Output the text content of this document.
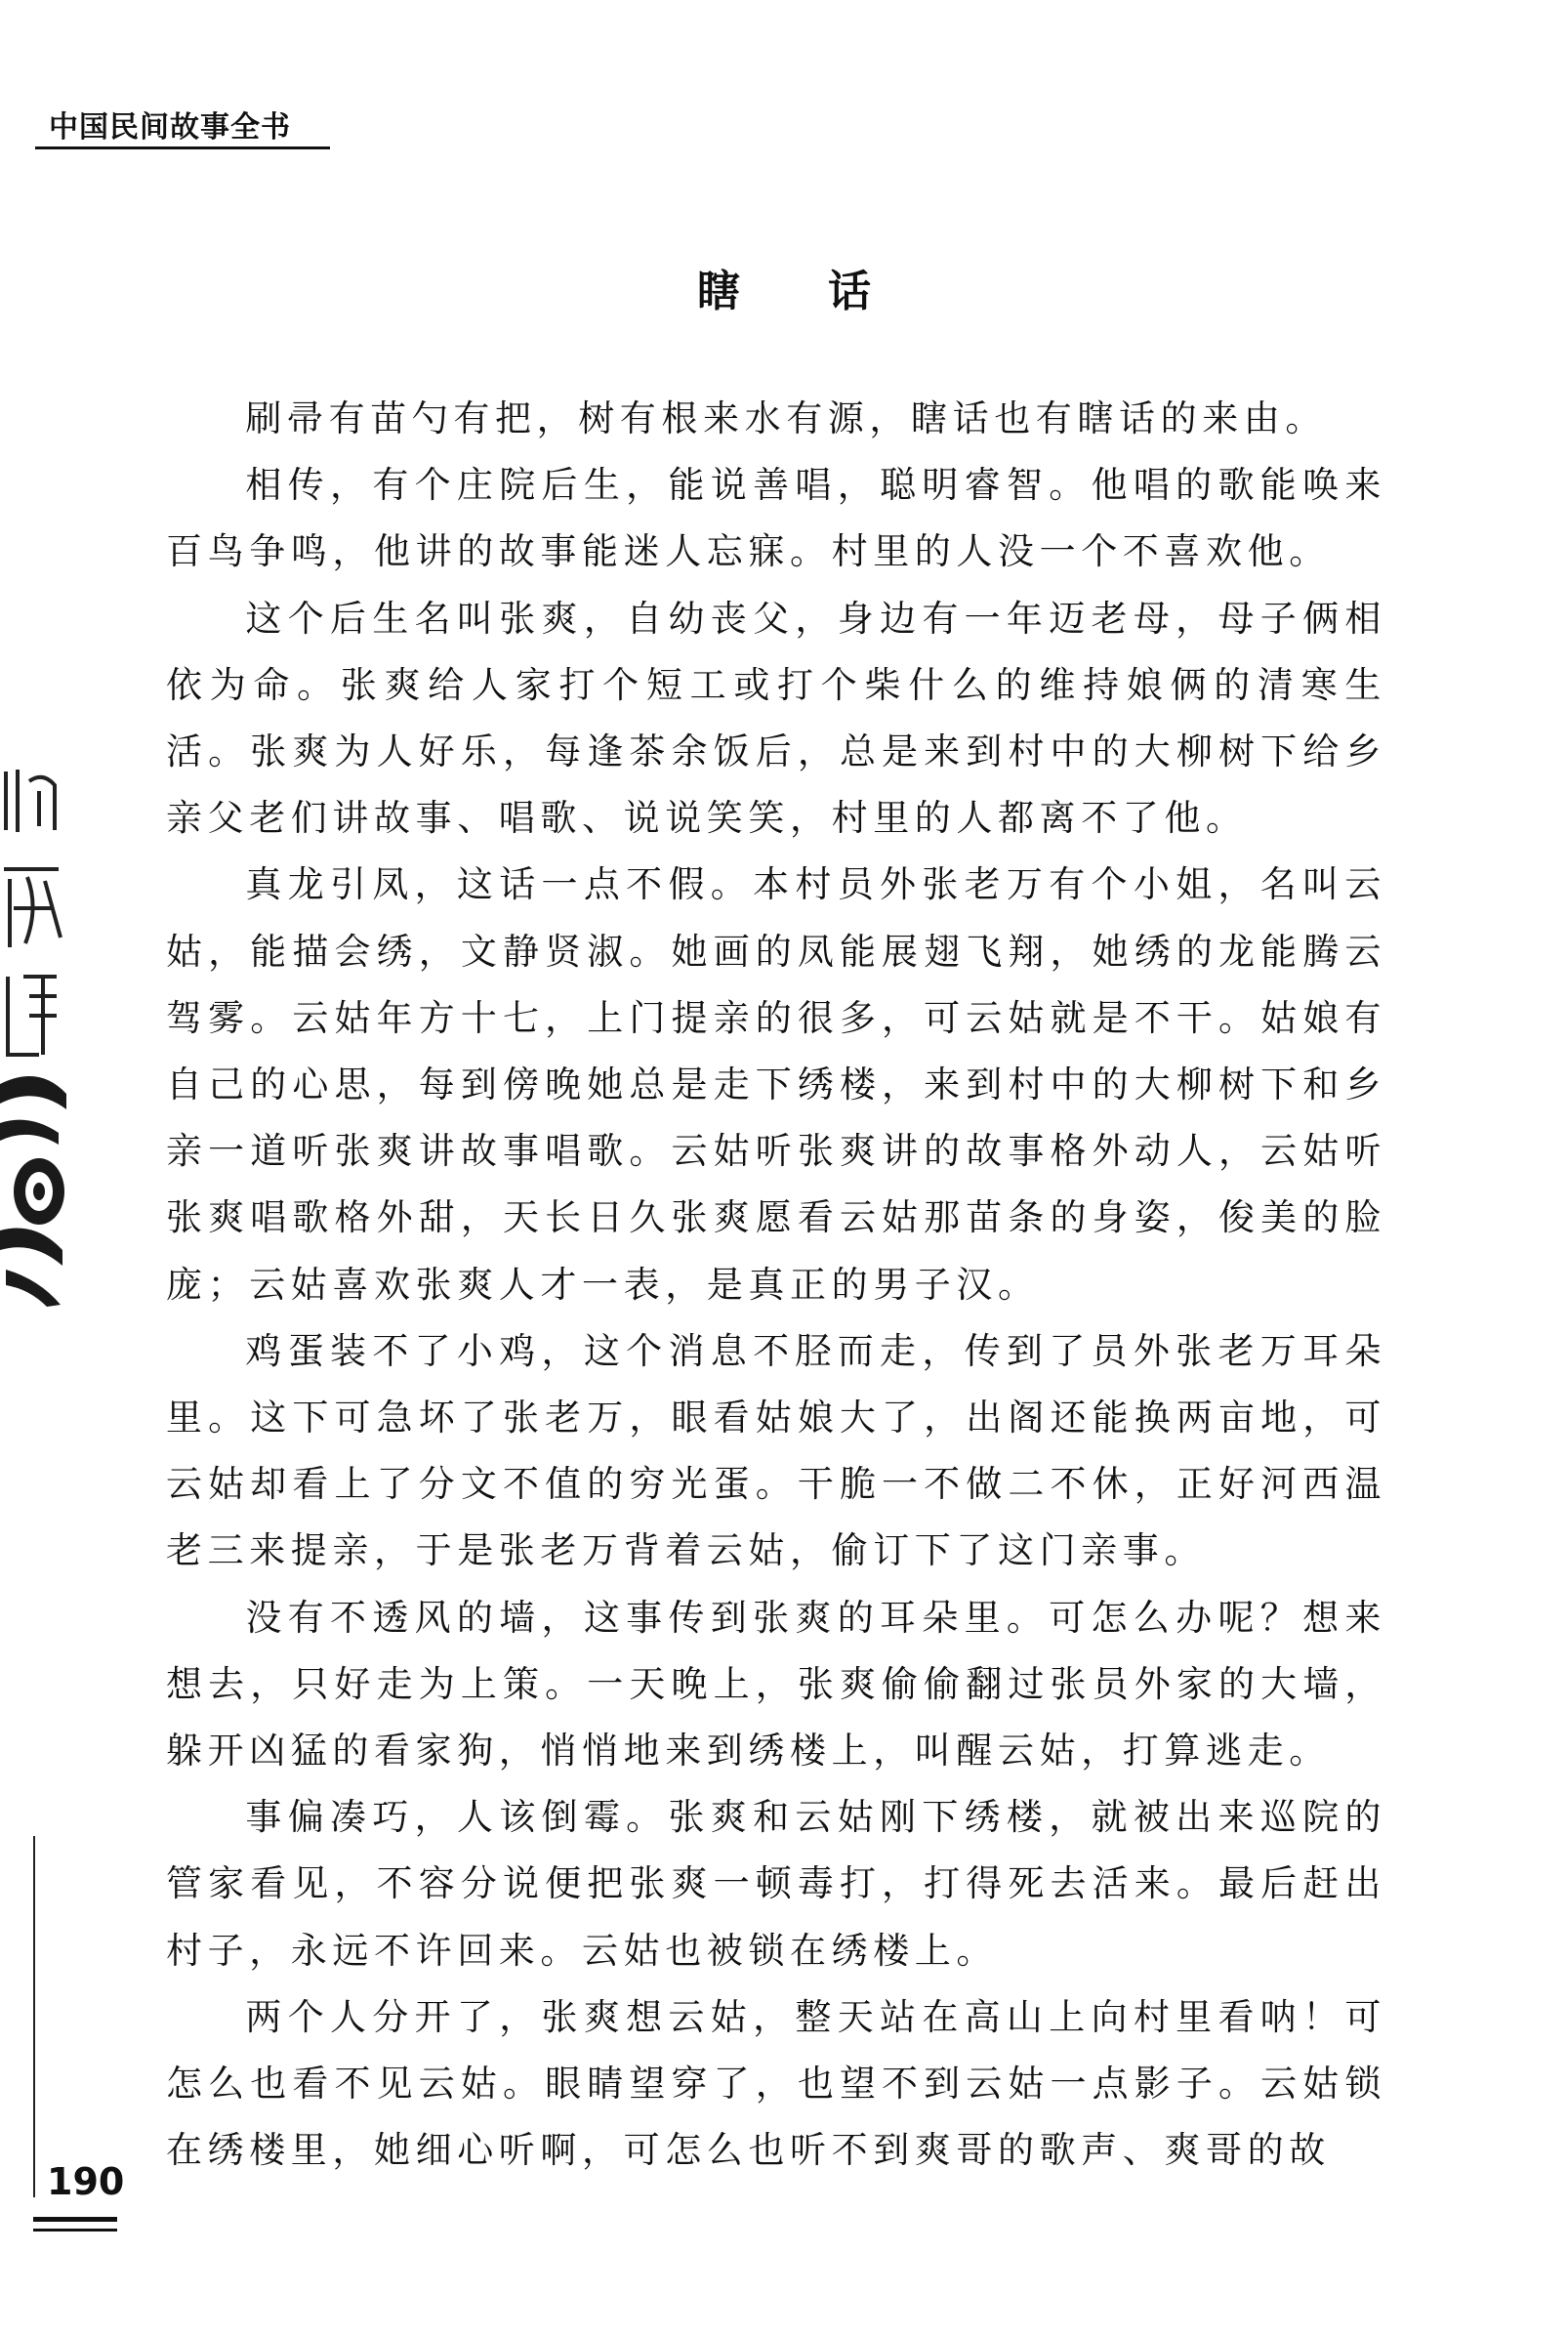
中国民间故事全书
瞎话

刷帚有苗勺有把，树有根来水有源，瞎话也有瞎话的来由。

相传，有个庄院后生，能说善唱，聪明睿智。他唱的歌能唤来百鸟争鸣，他讲的故事能迷人忘寐。村里的人没一个不喜欢他。

这个后生名叫张爽，自幼丧父，身边有一年迈老母，母子俩相依为命。张爽给人家打个短工或打个柴什么的维持娘俩的清寒生活。张爽为人好乐，每逢茶余饭后，总是来到村中的大柳树下给乡亲父老们讲故事、唱歌、说说笑笑，村里的人都离不了他。

真龙引凤，这话一点不假。本村员外张老万有个小姐，名叫云姑，能描会绣，文静贤淑。她画的凤能展翅飞翔，她绣的龙能腾云驾雾。云姑年方十七，上门提亲的很多，可云姑就是不干。姑娘有自己的心思，每到傍晚她总是走下绣楼，来到村中的大柳树下和乡亲一道听张爽讲故事唱歌。云姑听张爽讲的故事格外动人，云姑听张爽唱歌格外甜，天长日久张爽愿看云姑那苗条的身姿，俊美的脸庞；云姑喜欢张爽人才一表，是真正的男子汉。

鸡蛋装不了小鸡，这个消息不胫而走，传到了员外张老万耳朵里。这下可急坏了张老万，眼看姑娘大了，出阁还能换两亩地，可云姑却看上了分文不值的穷光蛋。干脆一不做二不休，正好河西温老三来提亲，于是张老万背着云姑，偷订下了这门亲事。

没有不透风的墙，这事传到张爽的耳朵里。可怎么办呢？想来想去，只好走为上策。一天晚上，张爽偷偷翻过张员外家的大墙，躲开凶猛的看家狗，悄悄地来到绣楼上，叫醒云姑，打算逃走。

事偏凑巧，人该倒霉。张爽和云姑刚下绣楼，就被出来巡院的管家看见，不容分说便把张爽一顿毒打，打得死去活来。最后赶出村子，永远不许回来。云姑也被锁在绣楼上。

两个人分开了，张爽想云姑，整天站在高山上向村里看呐！可怎么也看不见云姑。眼睛望穿了，也望不到云姑一点影子。云姑锁在绣楼里，她细心听啊，可怎么也听不到爽哥的歌声、爽哥的故

190
